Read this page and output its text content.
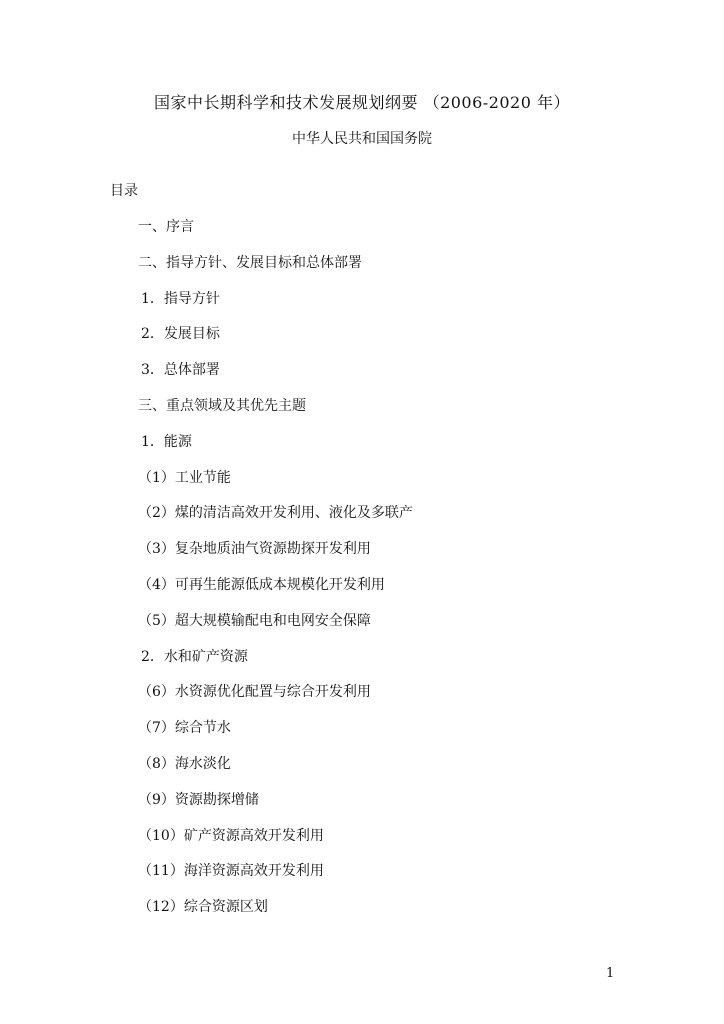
国家中长期科学和技术发展规划纲要 （2006-2020 年）
中华人民共和国国务院
目录
一、序言
二、指导方针、发展目标和总体部署
1．指导方针
2．发展目标
3．总体部署
三、重点领域及其优先主题
1．能源
（1）工业节能
（2）煤的清洁高效开发利用、液化及多联产
（3）复杂地质油气资源勘探开发利用
（4）可再生能源低成本规模化开发利用
（5）超大规模输配电和电网安全保障
2．水和矿产资源
（6）水资源优化配置与综合开发利用
（7）综合节水
（8）海水淡化
（9）资源勘探增储
（10）矿产资源高效开发利用
（11）海洋资源高效开发利用
（12）综合资源区划
1
